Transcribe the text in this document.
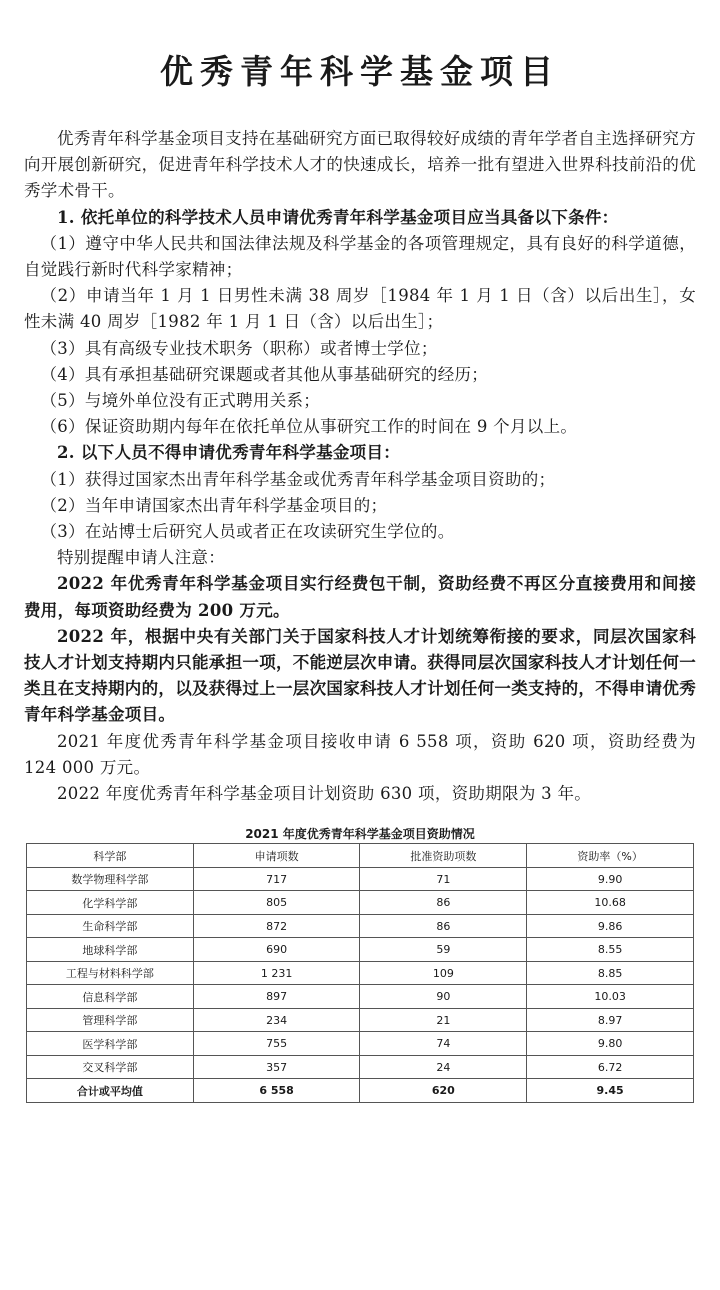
优秀青年科学基金项目

优秀青年科学基金项目支持在基础研究方面已取得较好成绩的青年学者自主选择研究方向开展创新研究，促进青年科学技术人才的快速成长，培养一批有望进入世界科技前沿的优秀学术骨干。

1. 依托单位的科学技术人员申请优秀青年科学基金项目应当具备以下条件：

（1）遵守中华人民共和国法律法规及科学基金的各项管理规定，具有良好的科学道德，自觉践行新时代科学家精神；

（2）申请当年 1 月 1 日男性未满 38 周岁［1984 年 1 月 1 日（含）以后出生］，女性未满 40 周岁［1982 年 1 月 1 日（含）以后出生］；

（3）具有高级专业技术职务（职称）或者博士学位；

（4）具有承担基础研究课题或者其他从事基础研究的经历；

（5）与境外单位没有正式聘用关系；

（6）保证资助期内每年在依托单位从事研究工作的时间在 9 个月以上。

2. 以下人员不得申请优秀青年科学基金项目：

（1）获得过国家杰出青年科学基金或优秀青年科学基金项目资助的；

（2）当年申请国家杰出青年科学基金项目的；

（3）在站博士后研究人员或者正在攻读研究生学位的。

特别提醒申请人注意：

2022 年优秀青年科学基金项目实行经费包干制，资助经费不再区分直接费用和间接费用，每项资助经费为 200 万元。

2022 年，根据中央有关部门关于国家科技人才计划统筹衔接的要求，同层次国家科技人才计划支持期内只能承担一项，不能逆层次申请。获得同层次国家科技人才计划任何一类且在支持期内的，以及获得过上一层次国家科技人才计划任何一类支持的，不得申请优秀青年科学基金项目。

2021 年度优秀青年科学基金项目接收申请 6 558 项，资助 620 项，资助经费为 124 000 万元。

2022 年度优秀青年科学基金项目计划资助 630 项，资助期限为 3 年。

2021 年度优秀青年科学基金项目资助情况
科学部	申请项数	批准资助项数	资助率（%）
数学物理科学部	717	71	9.90
化学科学部	805	86	10.68
生命科学部	872	86	9.86
地球科学部	690	59	8.55
工程与材料科学部	1 231	109	8.85
信息科学部	897	90	10.03
管理科学部	234	21	8.97
医学科学部	755	74	9.80
交叉科学部	357	24	6.72
合计或平均值	6 558	620	9.45
